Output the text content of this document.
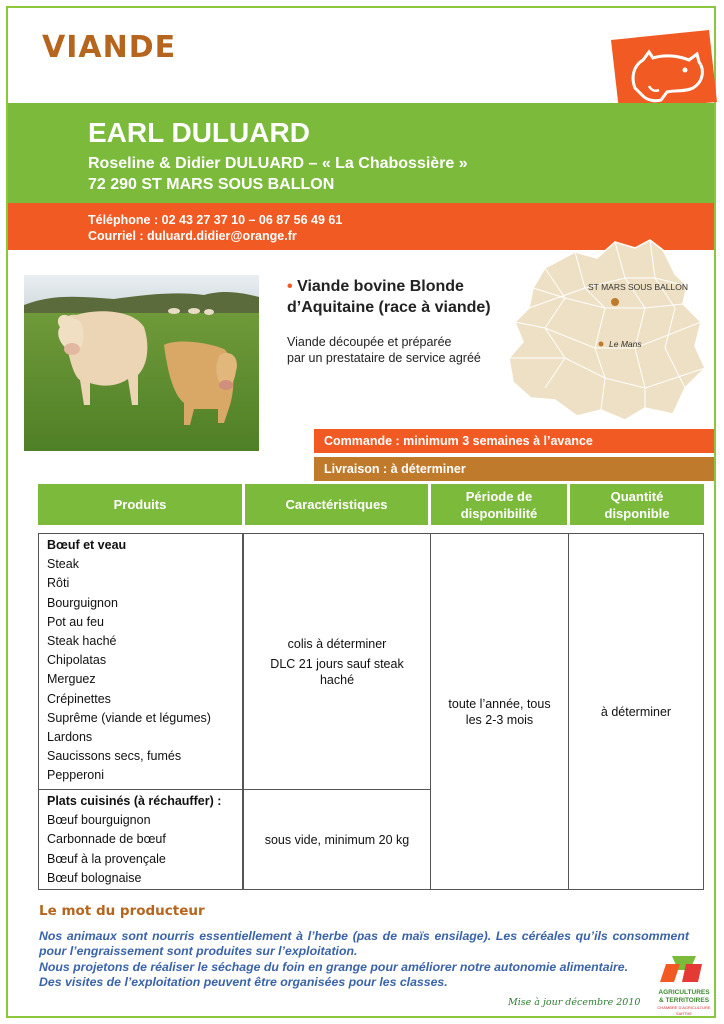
VIANDE
EARL DULUARD
Roseline & Didier DULUARD – « La Chabossière »
72 290 ST MARS SOUS BALLON
Téléphone : 02 43 27 37 10 – 06 87 56 49 61
Courriel : duluard.didier@orange.fr
• Viande bovine Blonde
d’Aquitaine (race à viande)
Viande découpée et préparée
par un prestataire de service agréé
ST MARS SOUS BALLON
Le Mans
Commande : minimum 3 semaines à l’avance
Livraison : à déterminer
Produits	Caractéristiques
Période de disponibilité
Quantité disponible
Bœuf et veau
Steak
Rôti
Bourguignon
Pot au feu
Steak haché
Chipolatas
Merguez
Crépinettes
Suprême (viande et légumes)
Lardons
Saucissons secs, fumés
Pepperoni
Plats cuisinés (à réchauffer) :
Bœuf bourguignon
Carbonnade de bœuf
Bœuf à la provençale
Bœuf bolognaise
colis à déterminer
DLC 21 jours sauf steak
haché
sous vide, minimum 20 kg
toute l’année, tous
les 2-3 mois
à déterminer
Le mot du producteur
Nos animaux sont nourris essentiellement à l’herbe (pas de maïs ensilage). Les céréales qu’ils consomment pour l’engraissement sont produites sur l’exploitation.
Nous projetons de réaliser le séchage du foin en grange pour améliorer notre autonomie alimentaire.
Des visites de l’exploitation peuvent être organisées pour les classes.
Mise à jour décembre 2010
AGRICULTURES
& TERRITOIRES
CHAMBRE D'AGRICULTURE
SARTHE
